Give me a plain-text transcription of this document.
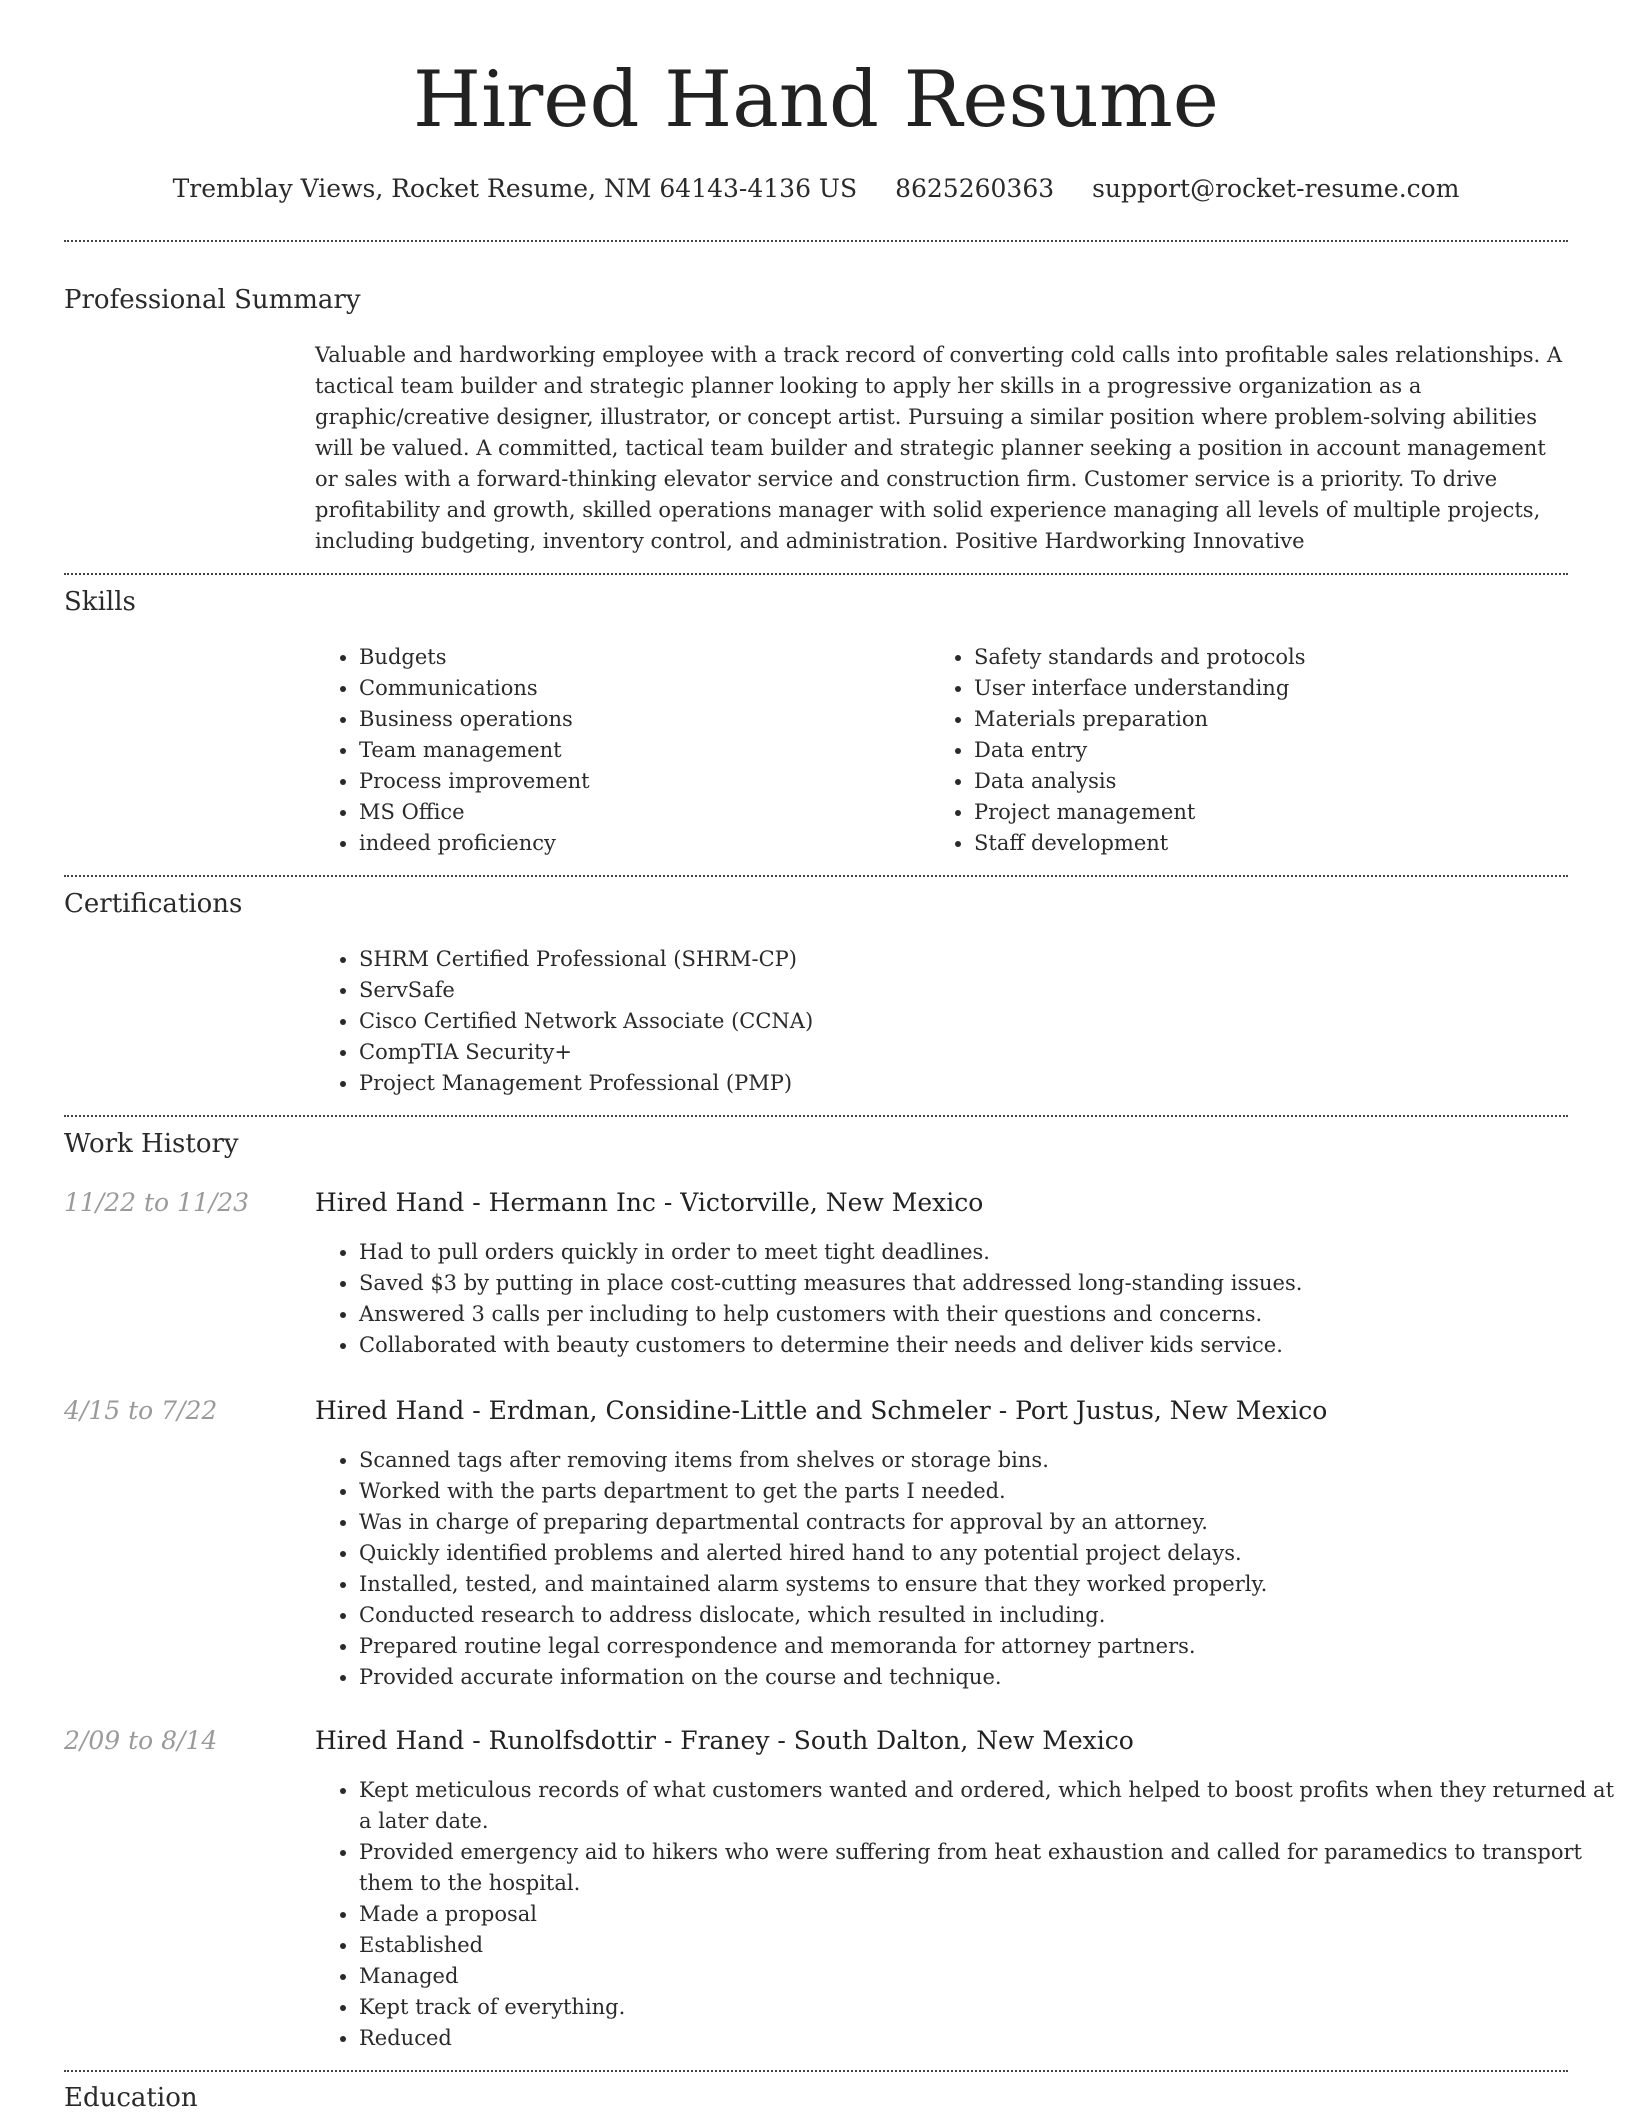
Hired Hand Resume
Tremblay Views, Rocket Resume, NM 64143-4136 US 8625260363 support@rocket-resume.com
Professional Summary

Valuable and hardworking employee with a track record of converting cold calls into profitable sales relationships. A tactical team builder and strategic planner looking to apply her skills in a progressive organization as a graphic/creative designer, illustrator, or concept artist. Pursuing a similar position where problem-solving abilities will be valued. A committed, tactical team builder and strategic planner seeking a position in account management or sales with a forward-thinking elevator service and construction firm. Customer service is a priority. To drive profitability and growth, skilled operations manager with solid experience managing all levels of multiple projects, including budgeting, inventory control, and administration. Positive Hardworking Innovative

Skills
• Budgets
• Communications
• Business operations
• Team management
• Process improvement
• MS Office
• indeed proficiency
• Safety standards and protocols
• User interface understanding
• Materials preparation
• Data entry
• Data analysis
• Project management
• Staff development
Certifications
• SHRM Certified Professional (SHRM-CP)
• ServSafe
• Cisco Certified Network Associate (CCNA)
• CompTIA Security+
• Project Management Professional (PMP)
Work History
11/22 to 11/23	Hired Hand - Hermann Inc - Victorville, New Mexico
• Had to pull orders quickly in order to meet tight deadlines.
• Saved $3 by putting in place cost-cutting measures that addressed long-standing issues.
• Answered 3 calls per including to help customers with their questions and concerns.
• Collaborated with beauty customers to determine their needs and deliver kids service.
4/15 to 7/22	Hired Hand - Erdman, Considine-Little and Schmeler - Port Justus, New Mexico
• Scanned tags after removing items from shelves or storage bins.
• Worked with the parts department to get the parts I needed.
• Was in charge of preparing departmental contracts for approval by an attorney.
• Quickly identified problems and alerted hired hand to any potential project delays.
• Installed, tested, and maintained alarm systems to ensure that they worked properly.
• Conducted research to address dislocate, which resulted in including.
• Prepared routine legal correspondence and memoranda for attorney partners.
• Provided accurate information on the course and technique.
2/09 to 8/14	Hired Hand - Runolfsdottir - Franey - South Dalton, New Mexico
• Kept meticulous records of what customers wanted and ordered, which helped to boost profits when they returned at a later date.
• Provided emergency aid to hikers who were suffering from heat exhaustion and called for paramedics to transport them to the hospital.
• Made a proposal
• Established
• Managed
• Kept track of everything.
• Reduced
Education
